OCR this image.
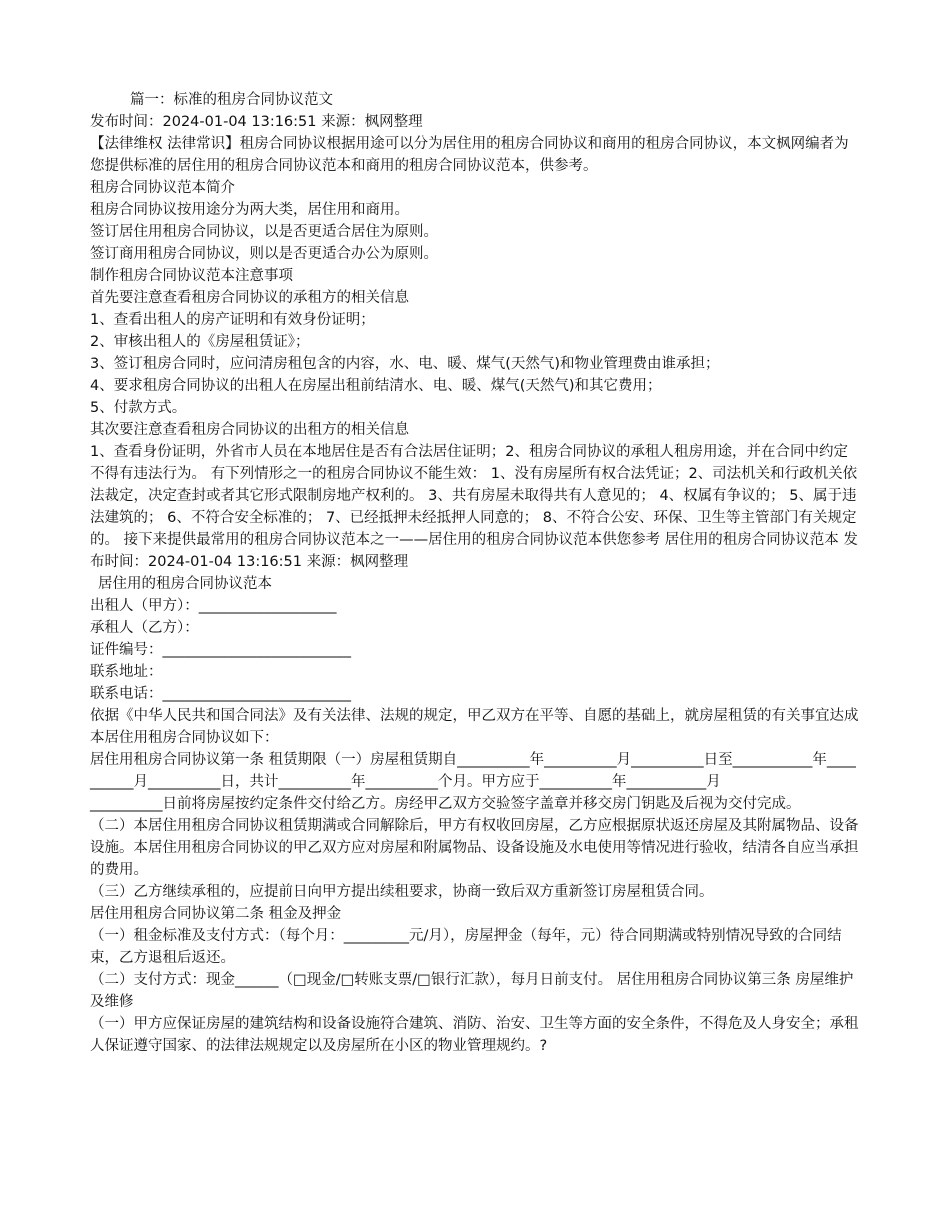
篇一：标准的租房合同协议范文
发布时间：2024-01-04 13:16:51 来源：枫网整理
【法律维权 法律常识】租房合同协议根据用途可以分为居住用的租房合同协议和商用的租房合同协议，本文枫网编者为您提供标准的居住用的租房合同协议范本和商用的租房合同协议范本，供参考。
租房合同协议范本简介
租房合同协议按用途分为两大类，居住用和商用。
签订居住用租房合同协议，以是否更适合居住为原则。
签订商用租房合同协议，则以是否更适合办公为原则。
制作租房合同协议范本注意事项
首先要注意查看租房合同协议的承租方的相关信息
1、查看出租人的房产证明和有效身份证明；
2、审核出租人的《房屋租赁证》；
3、签订租房合同时，应问清房租包含的内容，水、电、暖、煤气(天然气)和物业管理费由谁承担；
4、要求租房合同协议的出租人在房屋出租前结清水、电、暖、煤气(天然气)和其它费用；
5、付款方式。
其次要注意查看租房合同协议的出租方的相关信息
1、查看身份证明，外省市人员在本地居住是否有合法居住证明；2、租房合同协议的承租人租房用途，并在合同中约定不得有违法行为。 有下列情形之一的租房合同协议不能生效： 1、没有房屋所有权合法凭证；2、司法机关和行政机关依法裁定，决定查封或者其它形式限制房地产权利的。 3、共有房屋未取得共有人意见的； 4、权属有争议的； 5、属于违法建筑的； 6、不符合安全标准的； 7、已经抵押未经抵押人同意的； 8、不符合公安、环保、卫生等主管部门有关规定的。 接下来提供最常用的租房合同协议范本之一——居住用的租房合同协议范本供您参考 居住用的租房合同协议范本 发布时间：2024-01-04 13:16:51 来源：枫网整理
居住用的租房合同协议范本
出租人（甲方）：___________________
承租人（乙方）：
证件编号：__________________________
联系地址：
联系电话：__________________________
依据《中华人民共和国合同法》及有关法律、法规的规定，甲乙双方在平等、自愿的基础上，就房屋租赁的有关事宜达成本居住用租房合同协议如下：
居住用租房合同协议第一条 租赁期限（一）房屋租赁期自__________年__________月__________日至___________年__________月__________日，共计__________年__________个月。甲方应于__________年___________月
__________日前将房屋按约定条件交付给乙方。房经甲乙双方交验签字盖章并移交房门钥匙及后视为交付完成。
（二）本居住用租房合同协议租赁期满或合同解除后，甲方有权收回房屋，乙方应根据原状返还房屋及其附属物品、设备设施。本居住用租房合同协议的甲乙双方应对房屋和附属物品、设备设施及水电使用等情况进行验收，结清各自应当承担的费用。
（三）乙方继续承租的，应提前日向甲方提出续租要求，协商一致后双方重新签订房屋租赁合同。
居住用租房合同协议第二条 租金及押金
（一）租金标准及支付方式：（每个月：_________元/月），房屋押金（每年，元）待合同期满或特别情况导致的合同结束，乙方退租后返还。
（二）支付方式：现金______（□现金/□转账支票/□银行汇款），每月日前支付。 居住用租房合同协议第三条 房屋维护及维修
（一）甲方应保证房屋的建筑结构和设备设施符合建筑、消防、治安、卫生等方面的安全条件，不得危及人身安全；承租人保证遵守国家、的法律法规规定以及房屋所在小区的物业管理规约。?
